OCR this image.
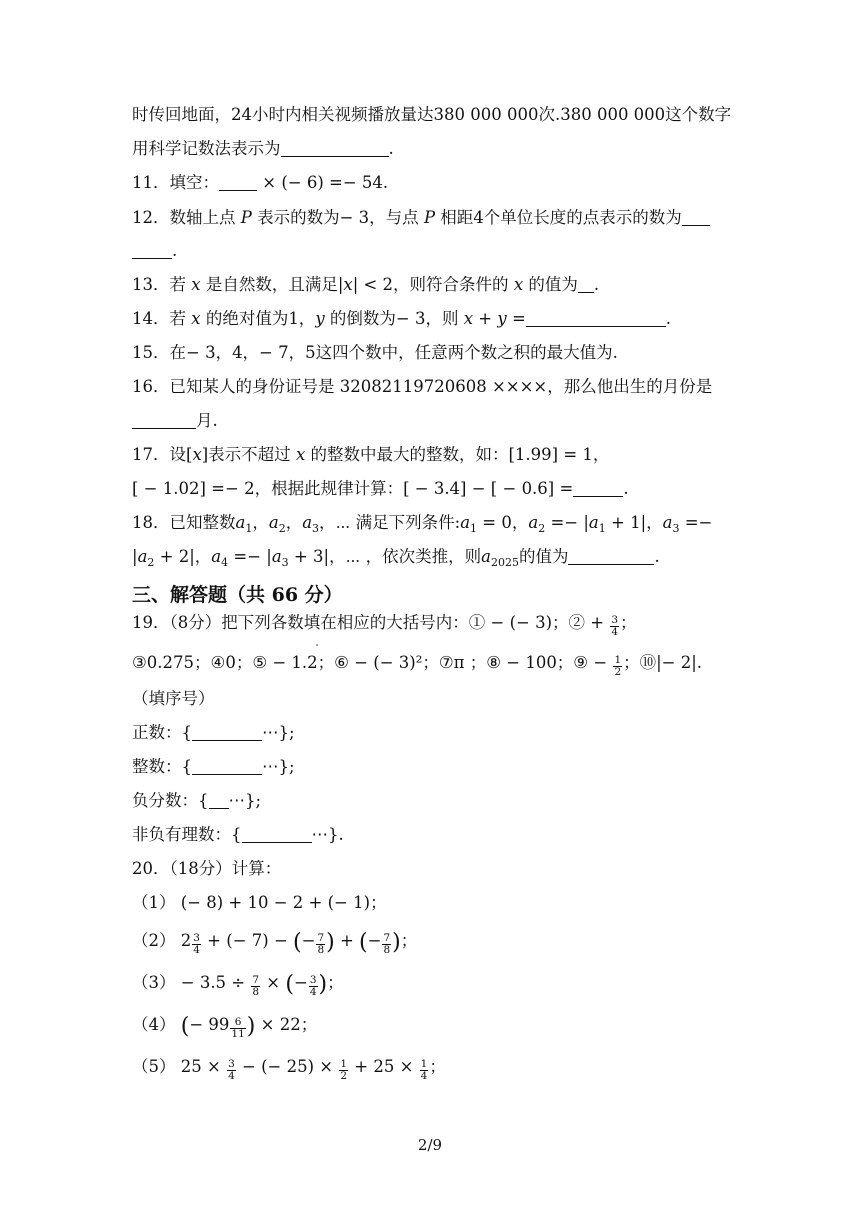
时传回地面，24小时内相关视频播放量达380 000 000次.380 000 000这个数字
用科学记数法表示为	.
11．填空：	× (− 6) =− 54.
12．数轴上点 P 表示的数为− 3，与点 P 相距4个单位长度的点表示的数为
.
13．若 x 是自然数，且满足|x| < 2，则符合条件的 x 的值为 .
14．若 x 的绝对值为1，y 的倒数为− 3，则 x + y =	.
15．在− 3，4，− 7，5这四个数中，任意两个数之积的最大值为.
16．已知某人的身份证号是 32082119720608 ××××，那么他出生的月份是
月.
17．设[x]表示不超过 x 的整数中最大的整数，如：[1.99] = 1，
[ − 1.02] =− 2，根据此规律计算：[ − 3.4] − [ − 0.6] =	.
18．已知整数$a_1$，$a_2$，$a_3$，⋯ 满足下列条件$:a_1 = 0$，$a_2 =- |a_1 + 1|$，$a_3$ =−
$|a_2 + 2|$，$a_4 =- |a_3 + 3|$，⋯ ，依次类推，则$a_{2025}$的值为	.
三、解答题（共 66 分）
19．（8分）把下列各数填在相应的大括号内：① − (− 3)；② + $\frac{3}{4}$ ；
③0.275；④0；⑤ − 1.2；⑥ − (− 3)²；⑦π ；⑧ − 100；⑨ − $\frac{1}{2}$ ；⑩|− 2|.
（填序号）
正数：{	⋯};
整数：{	⋯};
负分数：{ ⋯};
非负有理数：{	⋯}.
20．（18分）计算：
（1） (− 8) + 10 − 2 + (− 1)；
（2） $2 \frac{3}{4}$ + (− 7) − (− $\frac{7}{8}$ ) + (− $\frac{7}{8}$ )；
$(3) - 3.5 \div \frac{7}{8}$ × (− $\frac{3}{4}$ )；
（4） (− $99 \frac{6}{11}$ ) × 22；
（5） $25 \times \frac{3}{4}$ − (− $25) \times \frac{1}{2} + 25 \times \frac{1}{4}$ ；
2/9
